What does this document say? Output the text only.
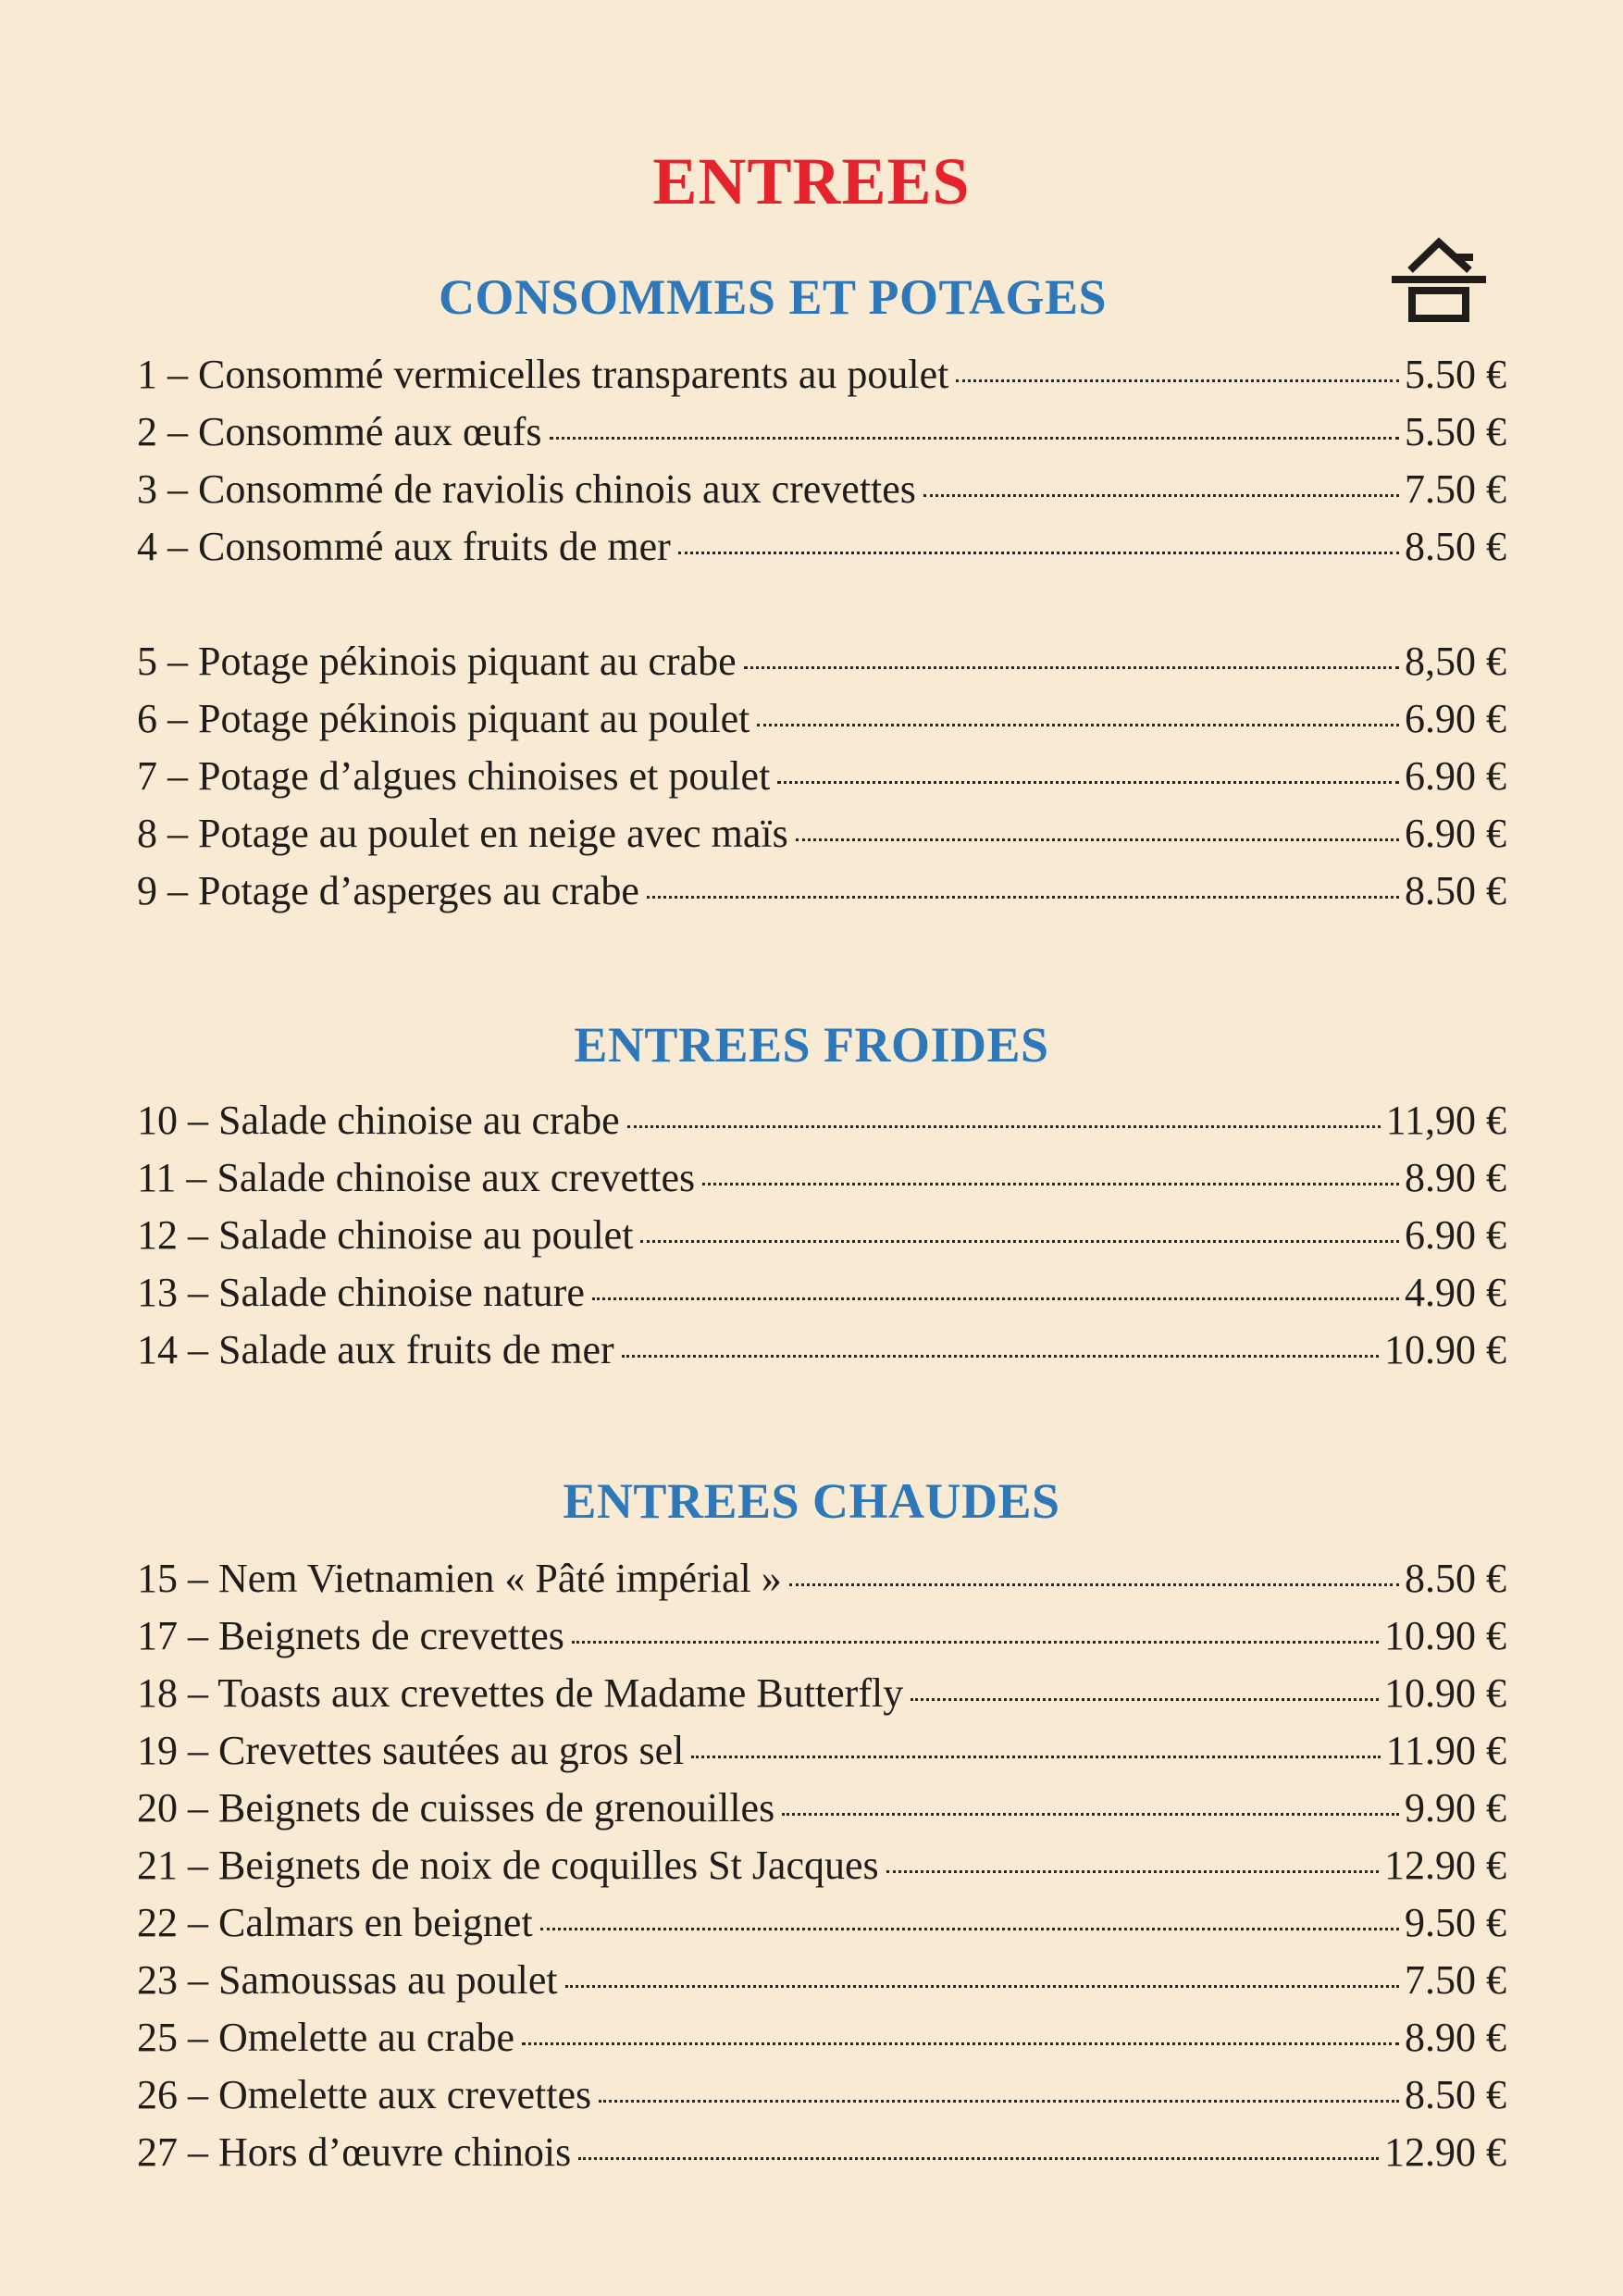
ENTREES
CONSOMMES ET POTAGES
1 – Consommé vermicelles transparents au poulet	5.50 €
2 – Consommé aux œufs	5.50 €
3 – Consommé de raviolis chinois aux crevettes	7.50 €
4 – Consommé aux fruits de mer	8.50 €
5 – Potage pékinois piquant au crabe	8,50 €
6 – Potage pékinois piquant au poulet	6.90 €
7 – Potage d’algues chinoises et poulet	6.90 €
8 – Potage au poulet en neige avec maïs	6.90 €
9 – Potage d’asperges au crabe	8.50 €
ENTREES FROIDES
10 – Salade chinoise au crabe	11,90 €
11 – Salade chinoise aux crevettes	8.90 €
12 – Salade chinoise au poulet	6.90 €
13 – Salade chinoise nature	4.90 €
14 – Salade aux fruits de mer	10.90 €
ENTREES CHAUDES
15 – Nem Vietnamien « Pâté impérial »	8.50 €
17 – Beignets de crevettes	10.90 €
18 – Toasts aux crevettes de Madame Butterfly	10.90 €
19 – Crevettes sautées au gros sel	11.90 €
20 – Beignets de cuisses de grenouilles	9.90 €
21 – Beignets de noix de coquilles St Jacques	12.90 €
22 – Calmars en beignet	9.50 €
23 – Samoussas au poulet	7.50 €
25 – Omelette au crabe	8.90 €
26 – Omelette aux crevettes	8.50 €
27 – Hors d’œuvre chinois	12.90 €
